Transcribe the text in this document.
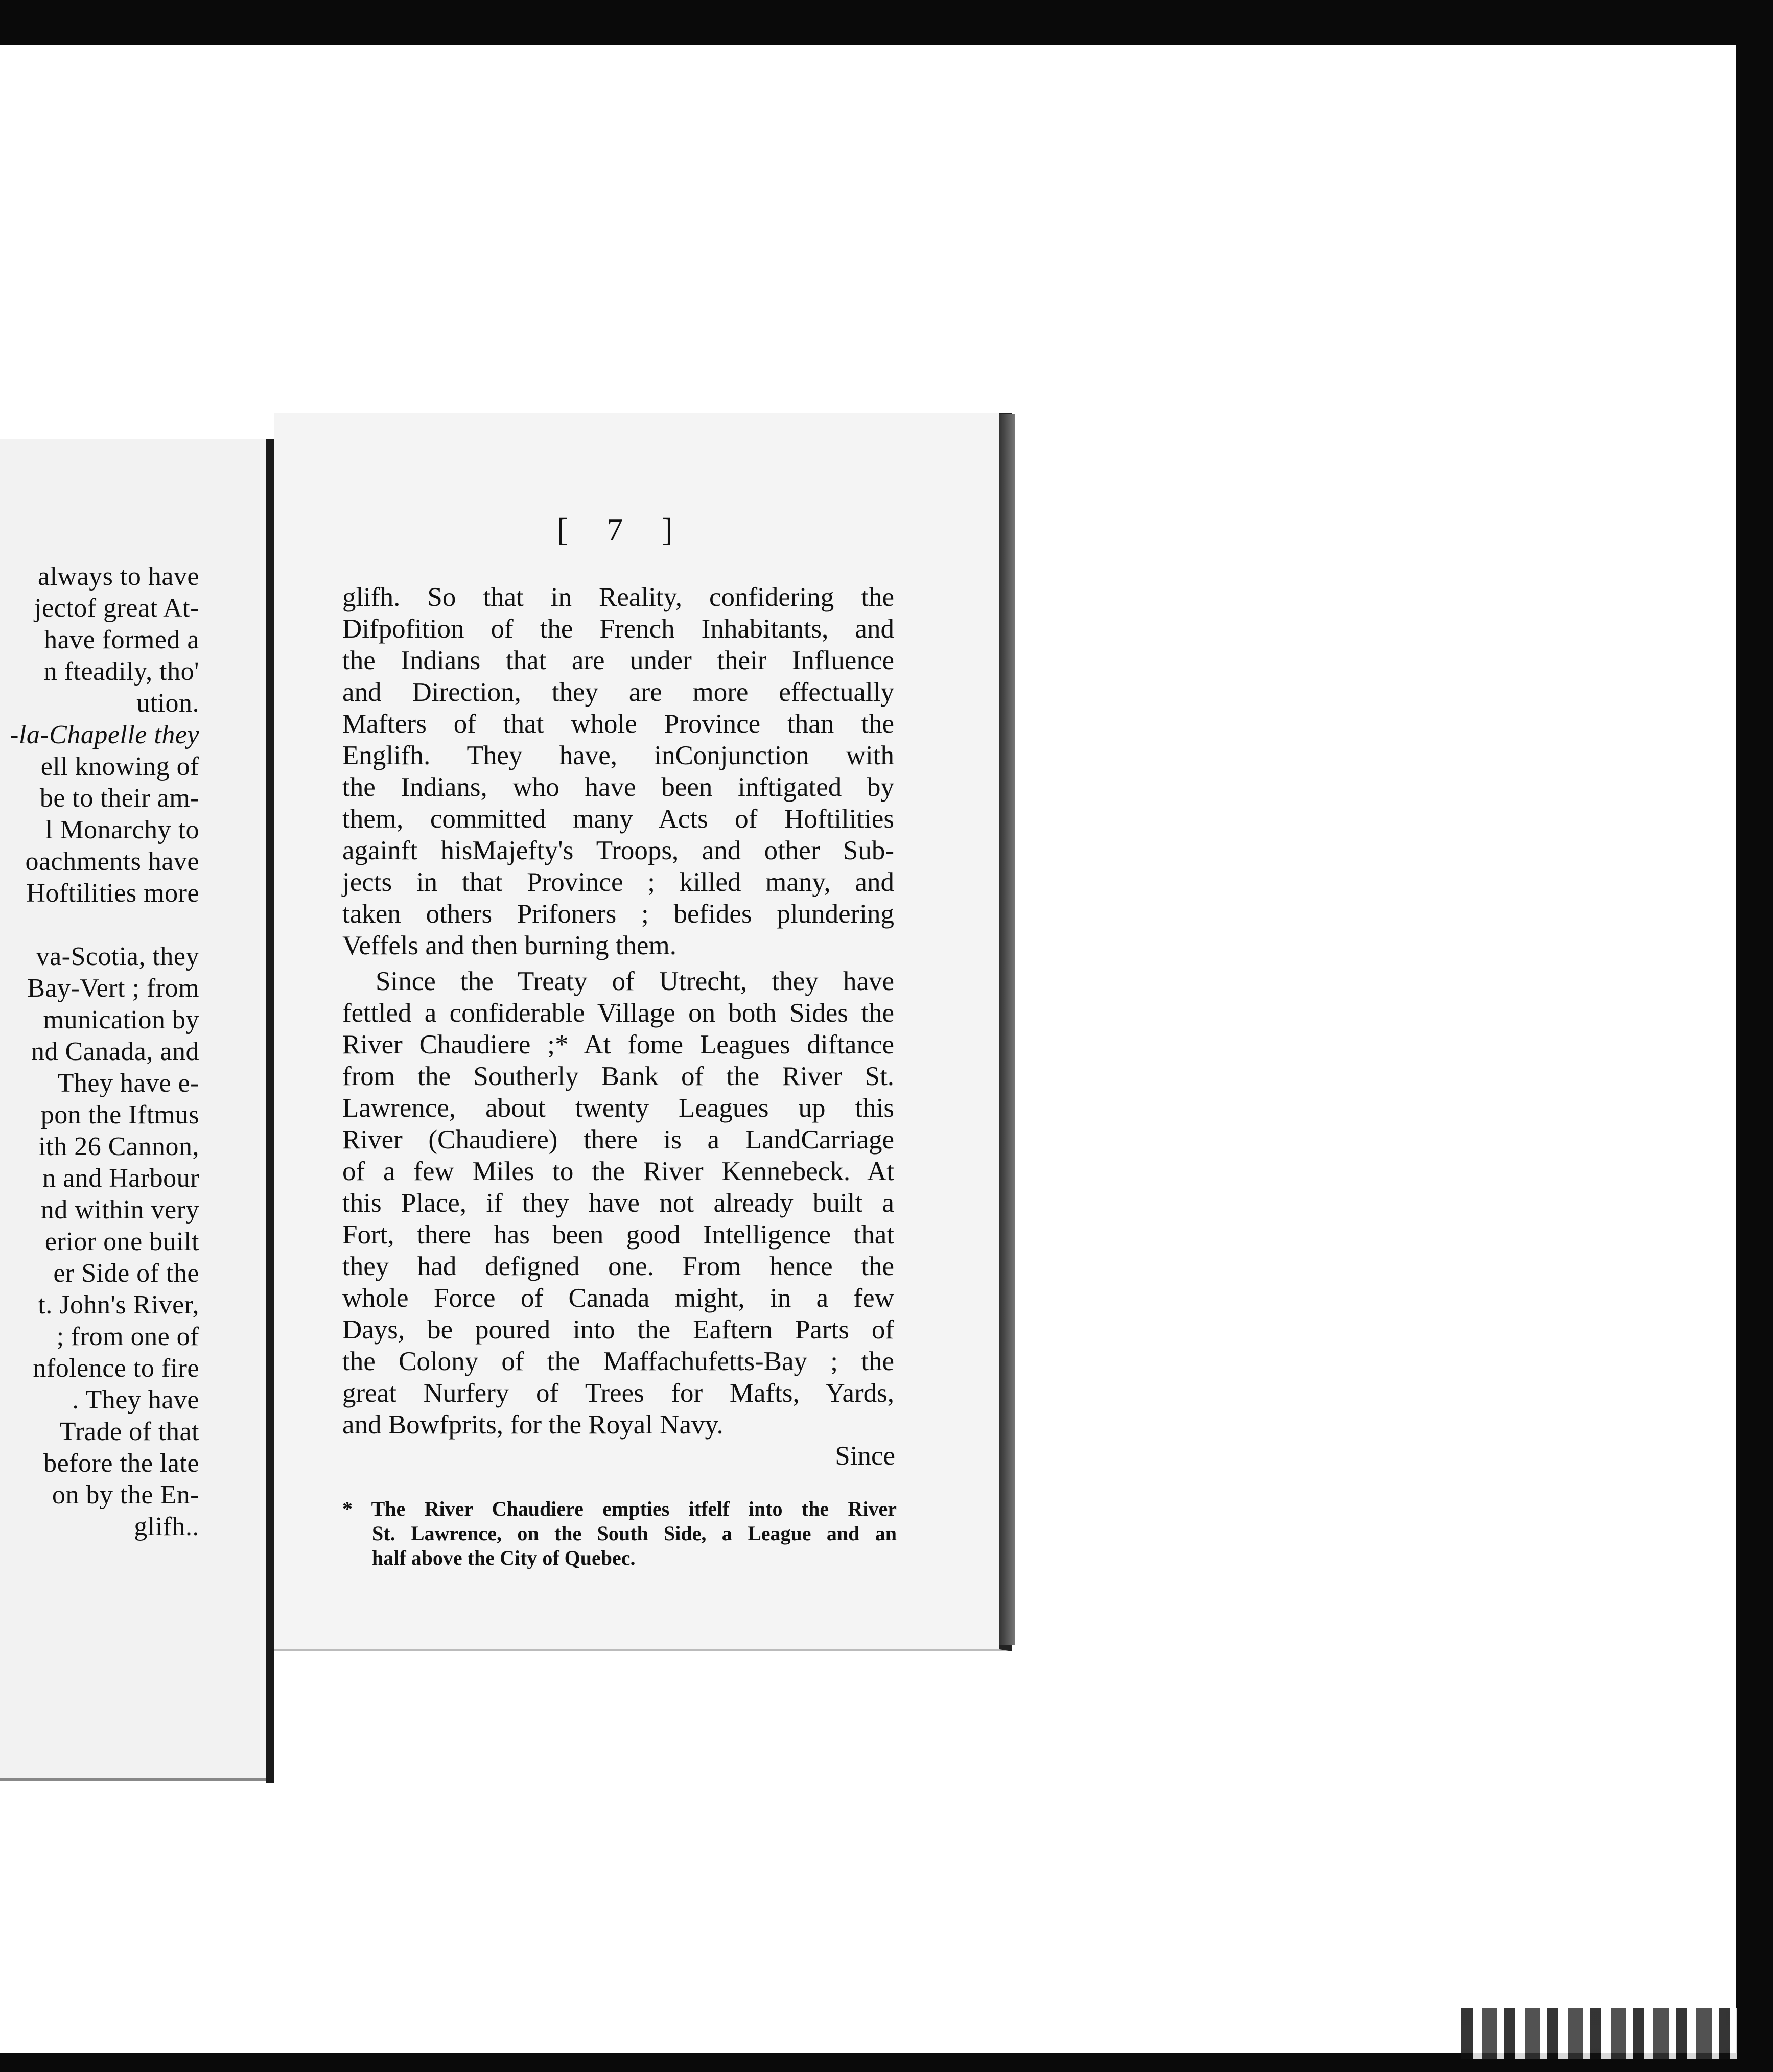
always to have
jectof great At-
have formed a
n fteadily, tho'
ution.
-la-Chapelle they
ell knowing of
be to their am-
l Monarchy to
oachments have
Hoftilities more
va-Scotia, they
Bay-Vert ; from
munication by
nd Canada, and
They have e-
pon the Iftmus
ith 26 Cannon,
n and Harbour
nd within very
erior one built
er Side of the
t. John's River,
; from one of
nfolence to fire
. They have
Trade of that
before the late
on by the En-
glifh..
[ 7 ]
glifh. So that in Reality, confidering the
Difpofition of the French Inhabitants, and
the Indians that are under their Influence
and Direction, they are more effectually
Mafters of that whole Province than the
Englifh. They have, inConjunction with
the Indians, who have been inftigated by
them, committed many Acts of Hoftilities
againft hisMajefty's Troops, and other Sub-
jects in that Province ; killed many, and
taken others Prifoners ; befides plundering
Veffels and then burning them.
Since the Treaty of Utrecht, they have
fettled a confiderable Village on both Sides the
River Chaudiere ;* At fome Leagues diftance
from the Southerly Bank of the River St.
Lawrence, about twenty Leagues up this
River (Chaudiere) there is a LandCarriage
of a few Miles to the River Kennebeck. At
this Place, if they have not already built a
Fort, there has been good Intelligence that
they had defigned one. From hence the
whole Force of Canada might, in a few
Days, be poured into the Eaftern Parts of
the Colony of the Maffachufetts-Bay ; the
great Nurfery of Trees for Mafts, Yards,
and Bowfprits, for the Royal Navy.
Since
* The River Chaudiere empties itfelf into the River
St. Lawrence, on the South Side, a League and an
half above the City of Quebec.
